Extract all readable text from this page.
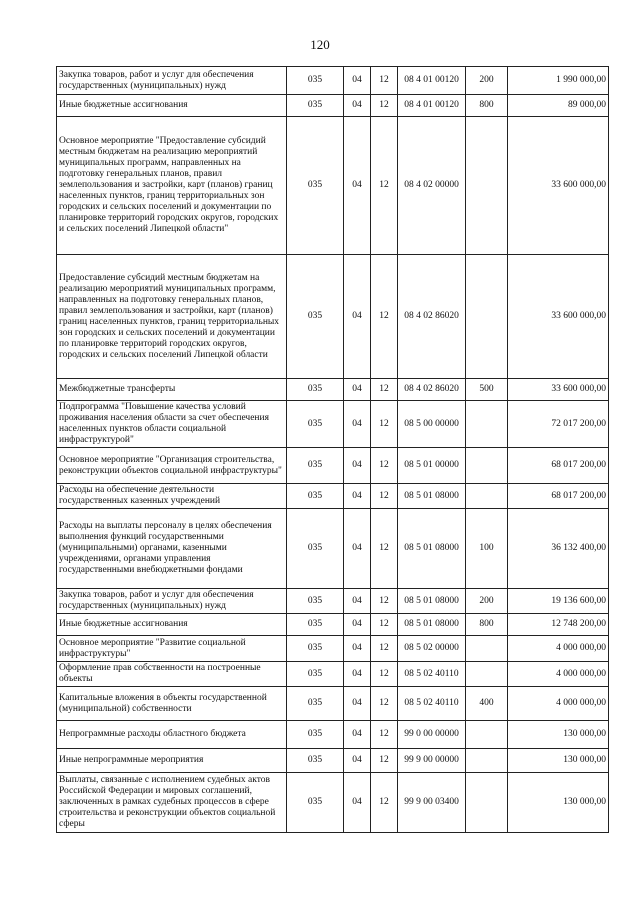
120
Закупка товаров, работ и услуг для обеспечения государственных (муниципальных) нужд	035	04	12	08 4 01 00120	200	1 990 000,00
Иные бюджетные ассигнования	035	04	12	08 4 01 00120	800	89 000,00
Основное мероприятие "Предоставление субсидий местным бюджетам на реализацию мероприятий муниципальных программ, направленных на подготовку генеральных планов, правил землепользования и застройки, карт (планов) границ населенных пунктов, границ территориальных зон городских и сельских поселений и документации по планировке территорий городских округов, городских и сельских поселений Липецкой области"	035	04	12	08 4 02 00000		33 600 000,00
Предоставление субсидий местным бюджетам на реализацию мероприятий муниципальных программ, направленных на подготовку генеральных планов, правил землепользования и застройки, карт (планов) границ населенных пунктов, границ территориальных зон городских и сельских поселений и документации по планировке территорий городских округов, городских и сельских поселений Липецкой области	035	04	12	08 4 02 86020		33 600 000,00
Межбюджетные трансферты	035	04	12	08 4 02 86020	500	33 600 000,00
Подпрограмма "Повышение качества условий проживания населения области за счет обеспечения населенных пунктов области социальной инфраструктурой"	035	04	12	08 5 00 00000		72 017 200,00
Основное мероприятие "Организация строительства, реконструкции объектов социальной инфраструктуры"	035	04	12	08 5 01 00000		68 017 200,00
Расходы на обеспечение деятельности государственных казенных учреждений	035	04	12	08 5 01 08000		68 017 200,00
Расходы на выплаты персоналу в целях обеспечения выполнения функций государственными (муниципальными) органами, казенными учреждениями, органами управления государственными внебюджетными фондами	035	04	12	08 5 01 08000	100	36 132 400,00
Закупка товаров, работ и услуг для обеспечения государственных (муниципальных) нужд	035	04	12	08 5 01 08000	200	19 136 600,00
Иные бюджетные ассигнования	035	04	12	08 5 01 08000	800	12 748 200,00
Основное мероприятие "Развитие социальной инфраструктуры"	035	04	12	08 5 02 00000		4 000 000,00
Оформление прав собственности на построенные объекты	035	04	12	08 5 02 40110		4 000 000,00
Капитальные вложения в объекты государственной (муниципальной) собственности	035	04	12	08 5 02 40110	400	4 000 000,00
Непрограммные расходы областного бюджета	035	04	12	99 0 00 00000		130 000,00
Иные непрограммные мероприятия	035	04	12	99 9 00 00000		130 000,00
Выплаты, связанные с исполнением судебных актов Российской Федерации и мировых соглашений, заключенных в рамках судебных процессов в сфере строительства и реконструкции объектов социальной сферы	035	04	12	99 9 00 03400		130 000,00
